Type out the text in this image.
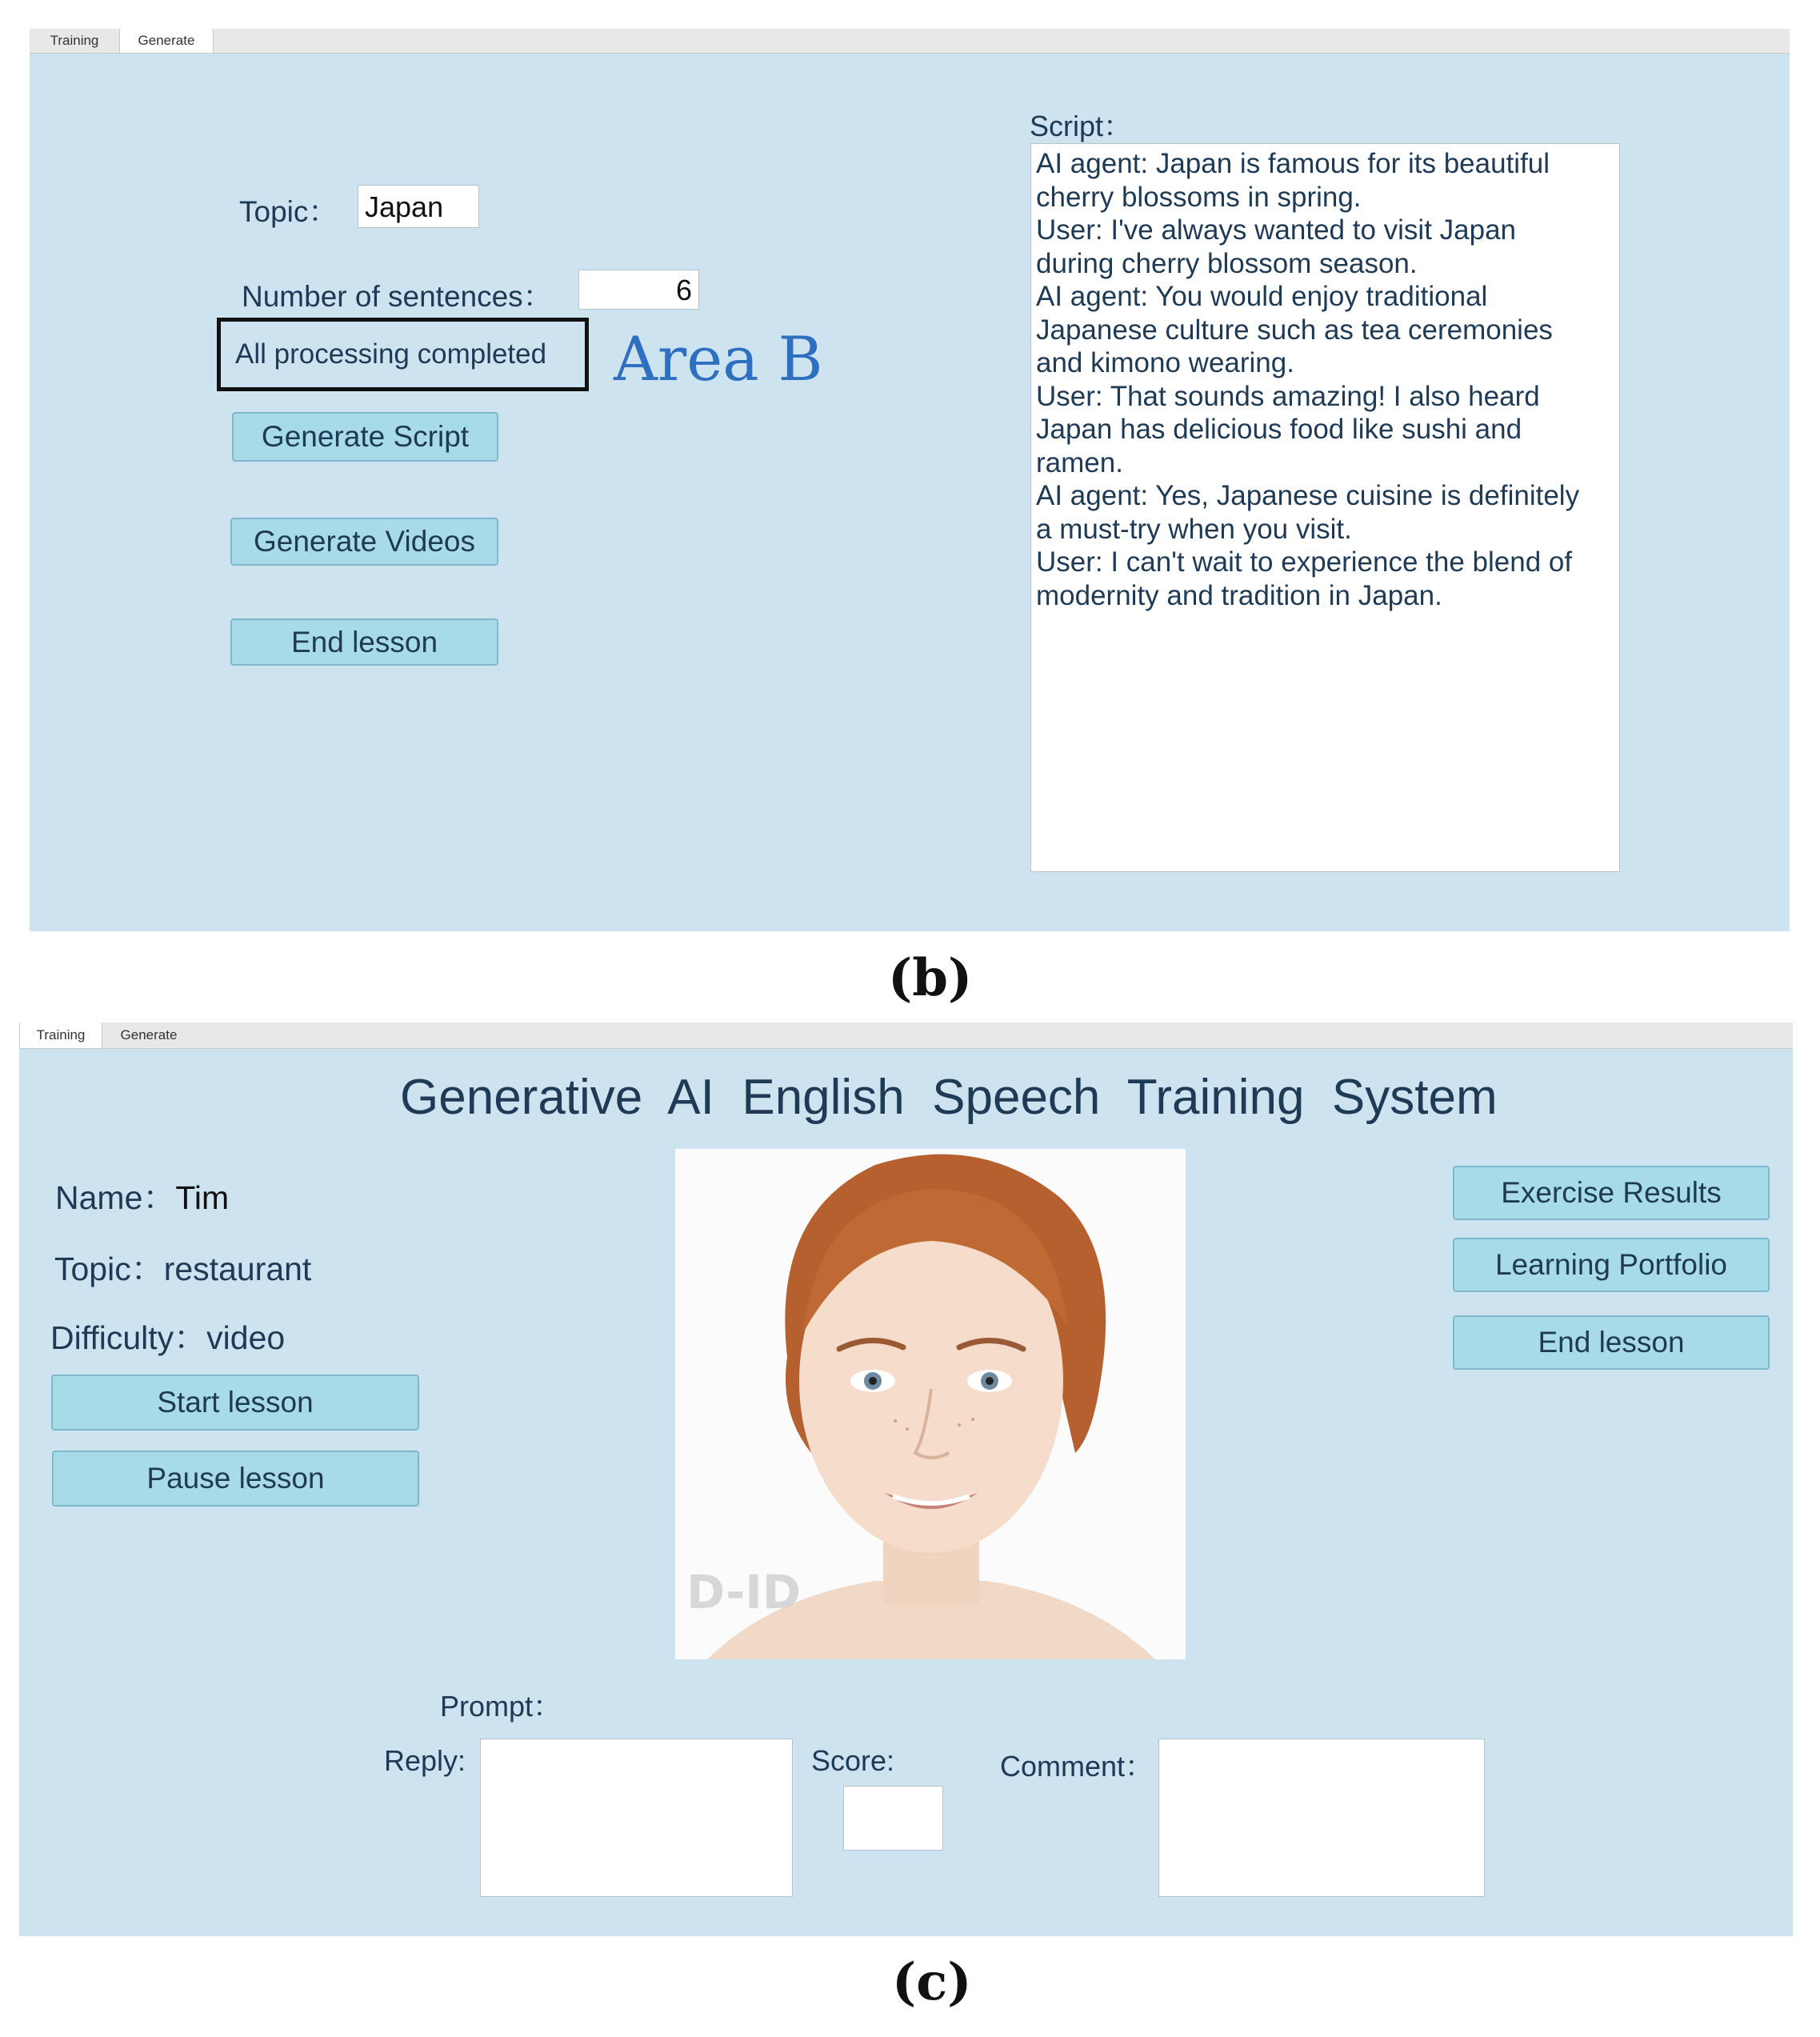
Training	Generate
Topic： Japan
Number of sentences：	6
All processing completed Area B
Generate Script
Generate Videos
End lesson
Script：
AI agent: Japan is famous for its beautiful
cherry blossoms in spring.
User: I've always wanted to visit Japan
during cherry blossom season.
AI agent: You would enjoy traditional
Japanese culture such as tea ceremonies
and kimono wearing.
User: That sounds amazing! I also heard
Japan has delicious food like sushi and
ramen.
AI agent: Yes, Japanese cuisine is definitely
a must-try when you visit.
User: I can't wait to experience the blend of
modernity and tradition in Japan.
(b)
Training	Generate
Generative  AI  English  Speech  Training  System
Name：Tim
Topic：restaurant
Difficulty：video
Start lesson
Pause lesson
D-ID
Exercise Results
Learning Portfolio
End lesson
Prompt：
Reply:	Score:	Comment：
(c)
